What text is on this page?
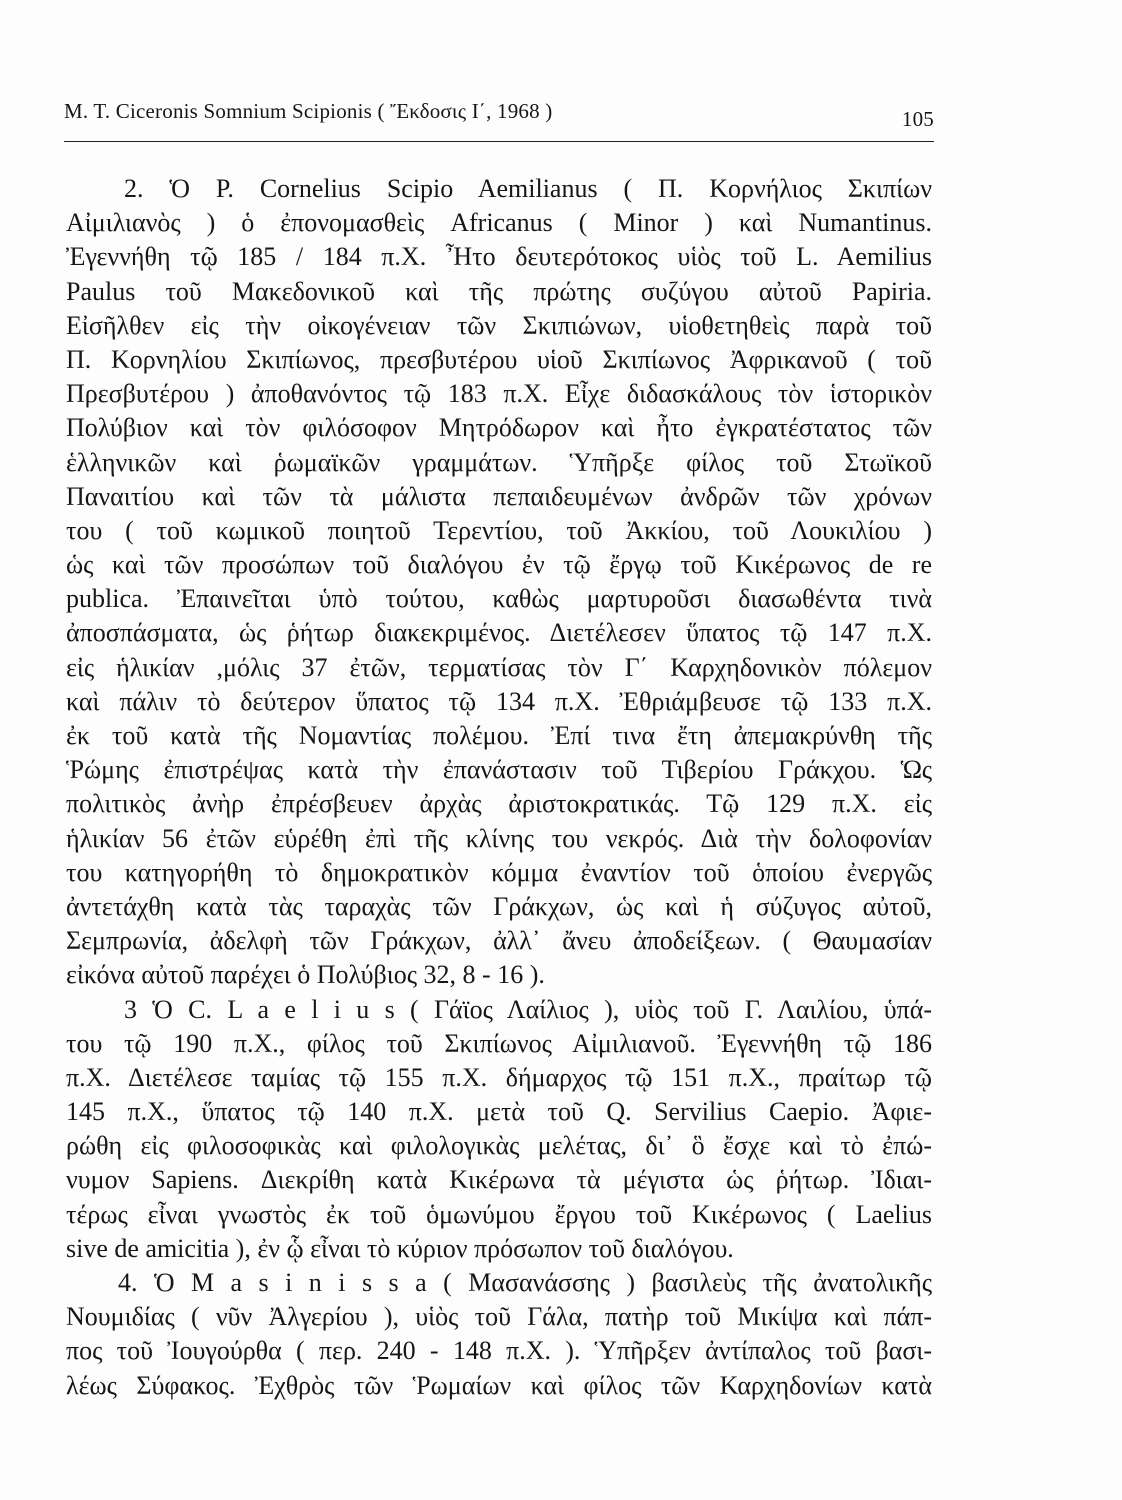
M. T. Ciceronis Somnium Scipionis ( Ἔκδοσις Ι΄, 1968 )	105
2. Ὁ P. Cornelius Scipio Aemilianus ( Π. Κορνήλιος Σκιπίων
Αἰμιλιανὸς ) ὁ ἐπονομασθεὶς Africanus ( Minor ) καὶ Numantinus.
Ἐγεννήθη τῷ 185 / 184 π.Χ. Ἦτο δευτερότοκος υἱὸς τοῦ L. Aemilius
Paulus τοῦ Μακεδονικοῦ καὶ τῆς πρώτης συζύγου αὐτοῦ Papiria.
Εἰσῆλθεν εἰς τὴν οἰκογένειαν τῶν Σκιπιώνων, υἱοθετηθεὶς παρὰ τοῦ
Π. Κορνηλίου Σκιπίωνος, πρεσβυτέρου υἱοῦ Σκιπίωνος Ἀφρικανοῦ ( τοῦ
Πρεσβυτέρου ) ἀποθανόντος τῷ 183 π.Χ. Εἶχε διδασκάλους τὸν ἱστορικὸν
Πολύβιον καὶ τὸν φιλόσοφον Μητρόδωρον καὶ ἦτο ἐγκρατέστατος τῶν
ἑλληνικῶν καὶ ῥωμαϊκῶν γραμμάτων. Ὑπῆρξε φίλος τοῦ Στωϊκοῦ
Παναιτίου καὶ τῶν τὰ μάλιστα πεπαιδευμένων ἀνδρῶν τῶν χρόνων
του ( τοῦ κωμικοῦ ποιητοῦ Τερεντίου, τοῦ Ἀκκίου, τοῦ Λουκιλίου )
ὡς καὶ τῶν προσώπων τοῦ διαλόγου ἐν τῷ ἔργῳ τοῦ Κικέρωνος de re
publica. Ἐπαινεῖται ὑπὸ τούτου, καθὼς μαρτυροῦσι διασωθέντα τινὰ
ἀποσπάσματα, ὡς ῥήτωρ διακεκριμένος. Διετέλεσεν ὕπατος τῷ 147 π.Χ.
εἰς ἡλικίαν ,μόλις 37 ἐτῶν, τερματίσας τὸν Γ΄ Καρχηδονικὸν πόλεμον
καὶ πάλιν τὸ δεύτερον ὕπατος τῷ 134 π.Χ. Ἐθριάμβευσε τῷ 133 π.Χ.
ἐκ τοῦ κατὰ τῆς Νομαντίας πολέμου. Ἐπί τινα ἔτη ἀπεμακρύνθη τῆς
Ῥώμης ἐπιστρέψας κατὰ τὴν ἐπανάστασιν τοῦ Τιβερίου Γράκχου. Ὡς
πολιτικὸς ἀνὴρ ἐπρέσβευεν ἀρχὰς ἀριστοκρατικάς. Τῷ 129 π.Χ. εἰς
ἡλικίαν 56 ἐτῶν εὑρέθη ἐπὶ τῆς κλίνης του νεκρός. Διὰ τὴν δολοφονίαν
του κατηγορήθη τὸ δημοκρατικὸν κόμμα ἐναντίον τοῦ ὁποίου ἐνεργῶς
ἀντετάχθη κατὰ τὰς ταραχὰς τῶν Γράκχων, ὡς καὶ ἡ σύζυγος αὐτοῦ,
Σεμπρωνία, ἀδελφὴ τῶν Γράκχων, ἀλλ᾽ ἄνευ ἀποδείξεων. ( Θαυμασίαν
εἰκόνα αὐτοῦ παρέχει ὁ Πολύβιος 32, 8 - 16 ).
3 Ὁ C. L a e l i u s ( Γάϊος Λαίλιος ), υἱὸς τοῦ Γ. Λαιλίου, ὑπά-
του τῷ 190 π.Χ., φίλος τοῦ Σκιπίωνος Αἰμιλιανοῦ. Ἐγεννήθη τῷ 186
π.Χ. Διετέλεσε ταμίας τῷ 155 π.Χ. δήμαρχος τῷ 151 π.Χ., πραίτωρ τῷ
145 π.Χ., ὕπατος τῷ 140 π.Χ. μετὰ τοῦ Q. Servilius Caepio. Ἀφιε-
ρώθη εἰς φιλοσοφικὰς καὶ φιλολογικὰς μελέτας, δι᾽ ὃ ἔσχε καὶ τὸ ἐπώ-
νυμον Sapiens. Διεκρίθη κατὰ Κικέρωνα τὰ μέγιστα ὡς ῥήτωρ. Ἰδιαι-
τέρως εἶναι γνωστὸς ἐκ τοῦ ὁμωνύμου ἔργου τοῦ Κικέρωνος ( Laelius
sive de amicitia ), ἐν ᾧ εἶναι τὸ κύριον πρόσωπον τοῦ διαλόγου.
4. Ὁ M a s i n i s s a ( Μασανάσσης ) βασιλεὺς τῆς ἀνατολικῆς
Νουμιδίας ( νῦν Ἀλγερίου ), υἱὸς τοῦ Γάλα, πατὴρ τοῦ Μικίψα καὶ πάπ-
πος τοῦ Ἰουγούρθα ( περ. 240 - 148 π.Χ. ). Ὑπῆρξεν ἀντίπαλος τοῦ βασι-
λέως Σύφακος. Ἐχθρὸς τῶν Ῥωμαίων καὶ φίλος τῶν Καρχηδονίων κατὰ
